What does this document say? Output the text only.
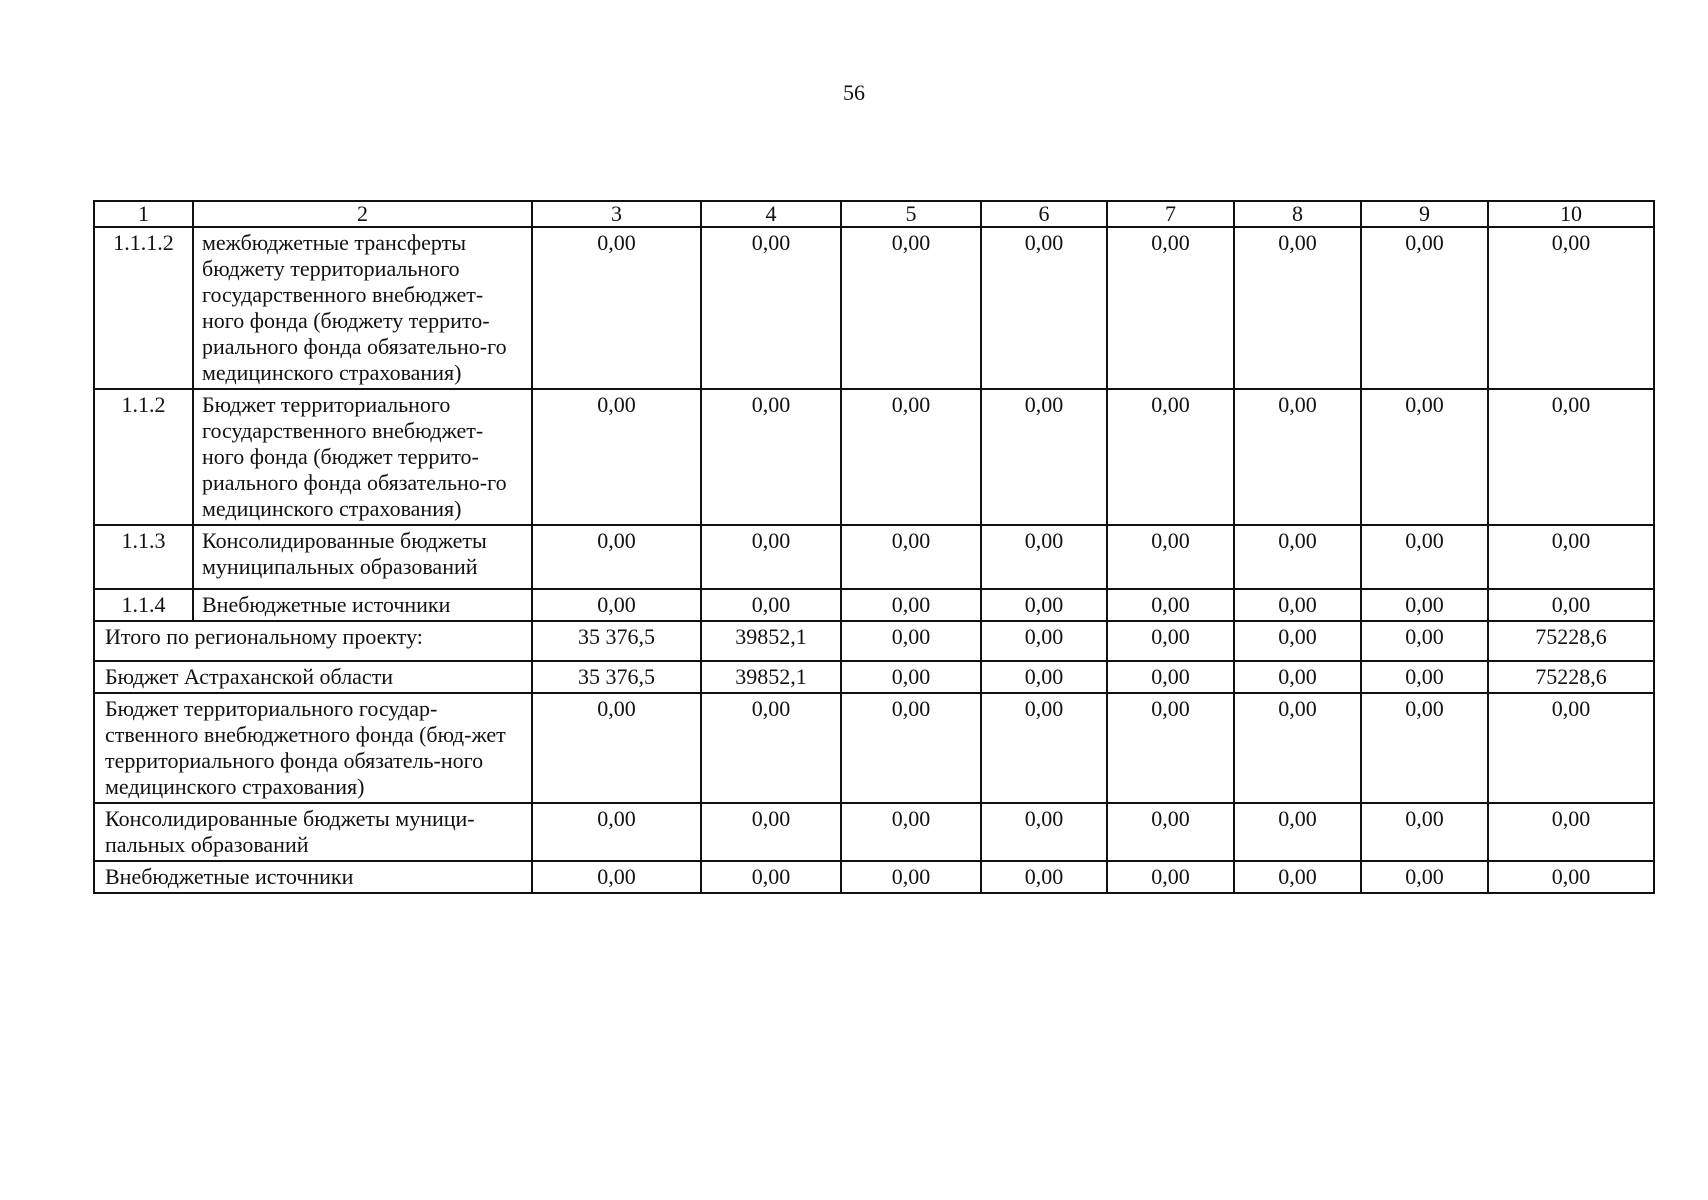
56
1	2	3	4	5	6	7	8	9	10
1.1.1.2	межбюджетные трансферты бюджету территориального государственного внебюджет-ного фонда (бюджету террито-риального фонда обязательно-го медицинского страхования)	0,00	0,00	0,00	0,00	0,00	0,00	0,00	0,00
1.1.2	Бюджет территориального государственного внебюджет-ного фонда (бюджет террито-риального фонда обязательно-го медицинского страхования)	0,00	0,00	0,00	0,00	0,00	0,00	0,00	0,00
1.1.3	Консолидированные бюджеты муниципальных образований	0,00	0,00	0,00	0,00	0,00	0,00	0,00	0,00
1.1.4	Внебюджетные источники	0,00	0,00	0,00	0,00	0,00	0,00	0,00	0,00
Итого по региональному проекту:		35 376,5	39852,1	0,00	0,00	0,00	0,00	0,00	75228,6
Бюджет Астраханской области		35 376,5	39852,1	0,00	0,00	0,00	0,00	0,00	75228,6
Бюджет территориального государ-ственного внебюджетного фонда (бюд-жет территориального фонда обязатель-ного медицинского страхования)		0,00	0,00	0,00	0,00	0,00	0,00	0,00	0,00
Консолидированные бюджеты муници-пальных образований		0,00	0,00	0,00	0,00	0,00	0,00	0,00	0,00
Внебюджетные источники		0,00	0,00	0,00	0,00	0,00	0,00	0,00	0,00
